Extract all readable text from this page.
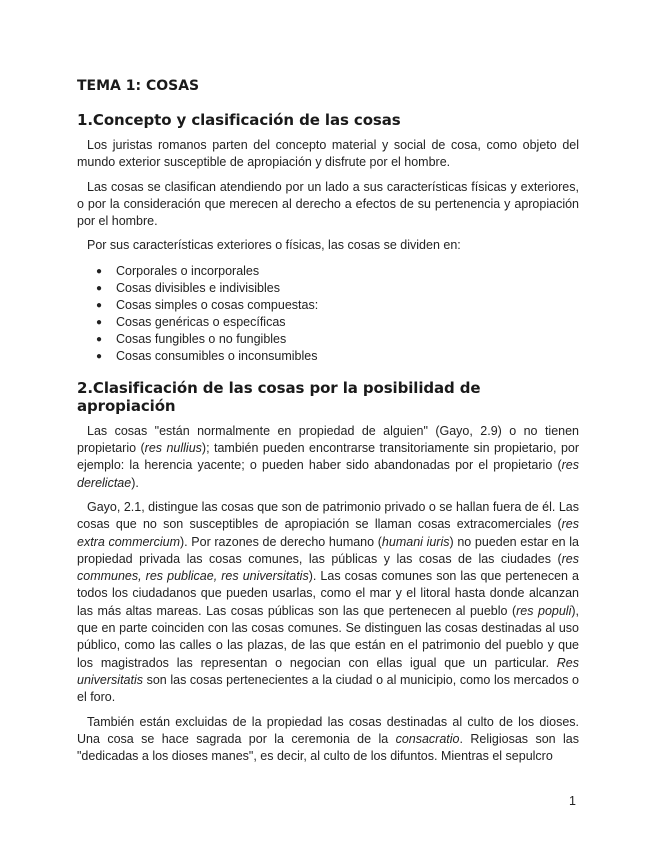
TEMA 1: COSAS
1.Concepto y clasificación de las cosas

Los juristas romanos parten del concepto material y social de cosa, como objeto del mundo exterior susceptible de apropiación y disfrute por el hombre.

Las cosas se clasifican atendiendo por un lado a sus características físicas y exteriores, o por la consideración que merecen al derecho a efectos de su pertenencia y apropiación por el hombre.

Por sus características exteriores o físicas, las cosas se dividen en:

● Corporales o incorporales
● Cosas divisibles e indivisibles
● Cosas simples o cosas compuestas:
● Cosas genéricas o específicas
● Cosas fungibles o no fungibles
● Cosas consumibles o inconsumibles
2.Clasificación de las cosas por la posibilidad de apropiación

Las cosas "están normalmente en propiedad de alguien" (Gayo, 2.9) o no tienen propietario (res nullius); también pueden encontrarse transitoriamente sin propietario, por ejemplo: la herencia yacente; o pueden haber sido abandonadas por el propietario (res derelictae).

Gayo, 2.1, distingue las cosas que son de patrimonio privado o se hallan fuera de él. Las cosas que no son susceptibles de apropiación se llaman cosas extracomerciales (res extra commercium). Por razones de derecho humano (humani iuris) no pueden estar en la propiedad privada las cosas comunes, las públicas y las cosas de las ciudades (res communes, res publicae, res universitatis). Las cosas comunes son las que pertenecen a todos los ciudadanos que pueden usarlas, como el mar y el litoral hasta donde alcanzan las más altas mareas. Las cosas públicas son las que pertenecen al pueblo (res populi), que en parte coinciden con las cosas comunes. Se distinguen las cosas destinadas al uso público, como las calles o las plazas, de las que están en el patrimonio del pueblo y que los magistrados las representan o negocian con ellas igual que un particular. Res universitatis son las cosas pertenecientes a la ciudad o al municipio, como los mercados o el foro.

También están excluidas de la propiedad las cosas destinadas al culto de los dioses. Una cosa se hace sagrada por la ceremonia de la consacratio. Religiosas son las "dedicadas a los dioses manes", es decir, al culto de los difuntos. Mientras el sepulcro

1
